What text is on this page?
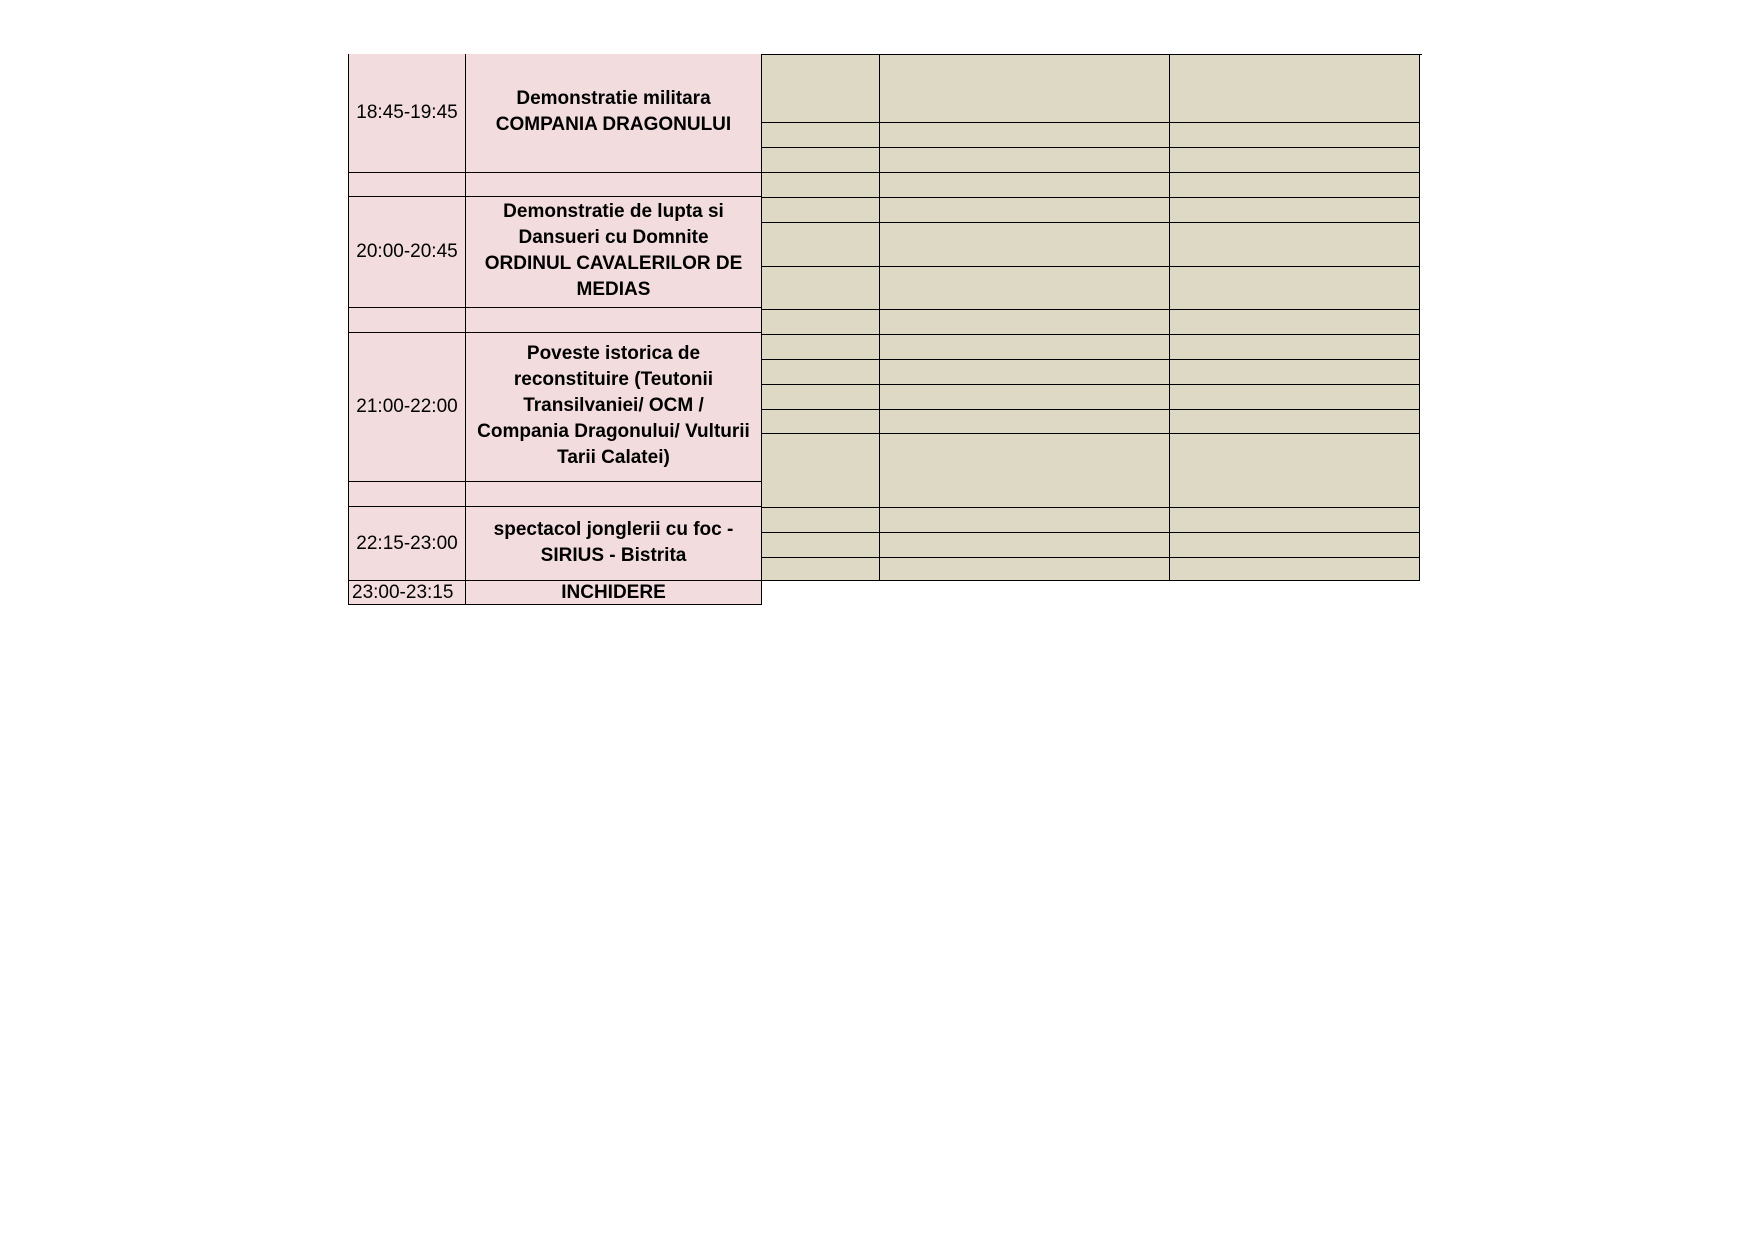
18:45-19:45
Demonstratie militara
COMPANIA DRAGONULUI
20:00-20:45
Demonstratie de lupta si
Dansueri cu Domnite
ORDINUL CAVALERILOR DE
MEDIAS
21:00-22:00
Poveste istorica de
reconstituire (Teutonii
Transilvaniei/ OCM /
Compania Dragonului/ Vulturii
Tarii Calatei)
22:15-23:00
spectacol jonglerii cu foc -
SIRIUS - Bistrita
23:00-23:15	INCHIDERE
